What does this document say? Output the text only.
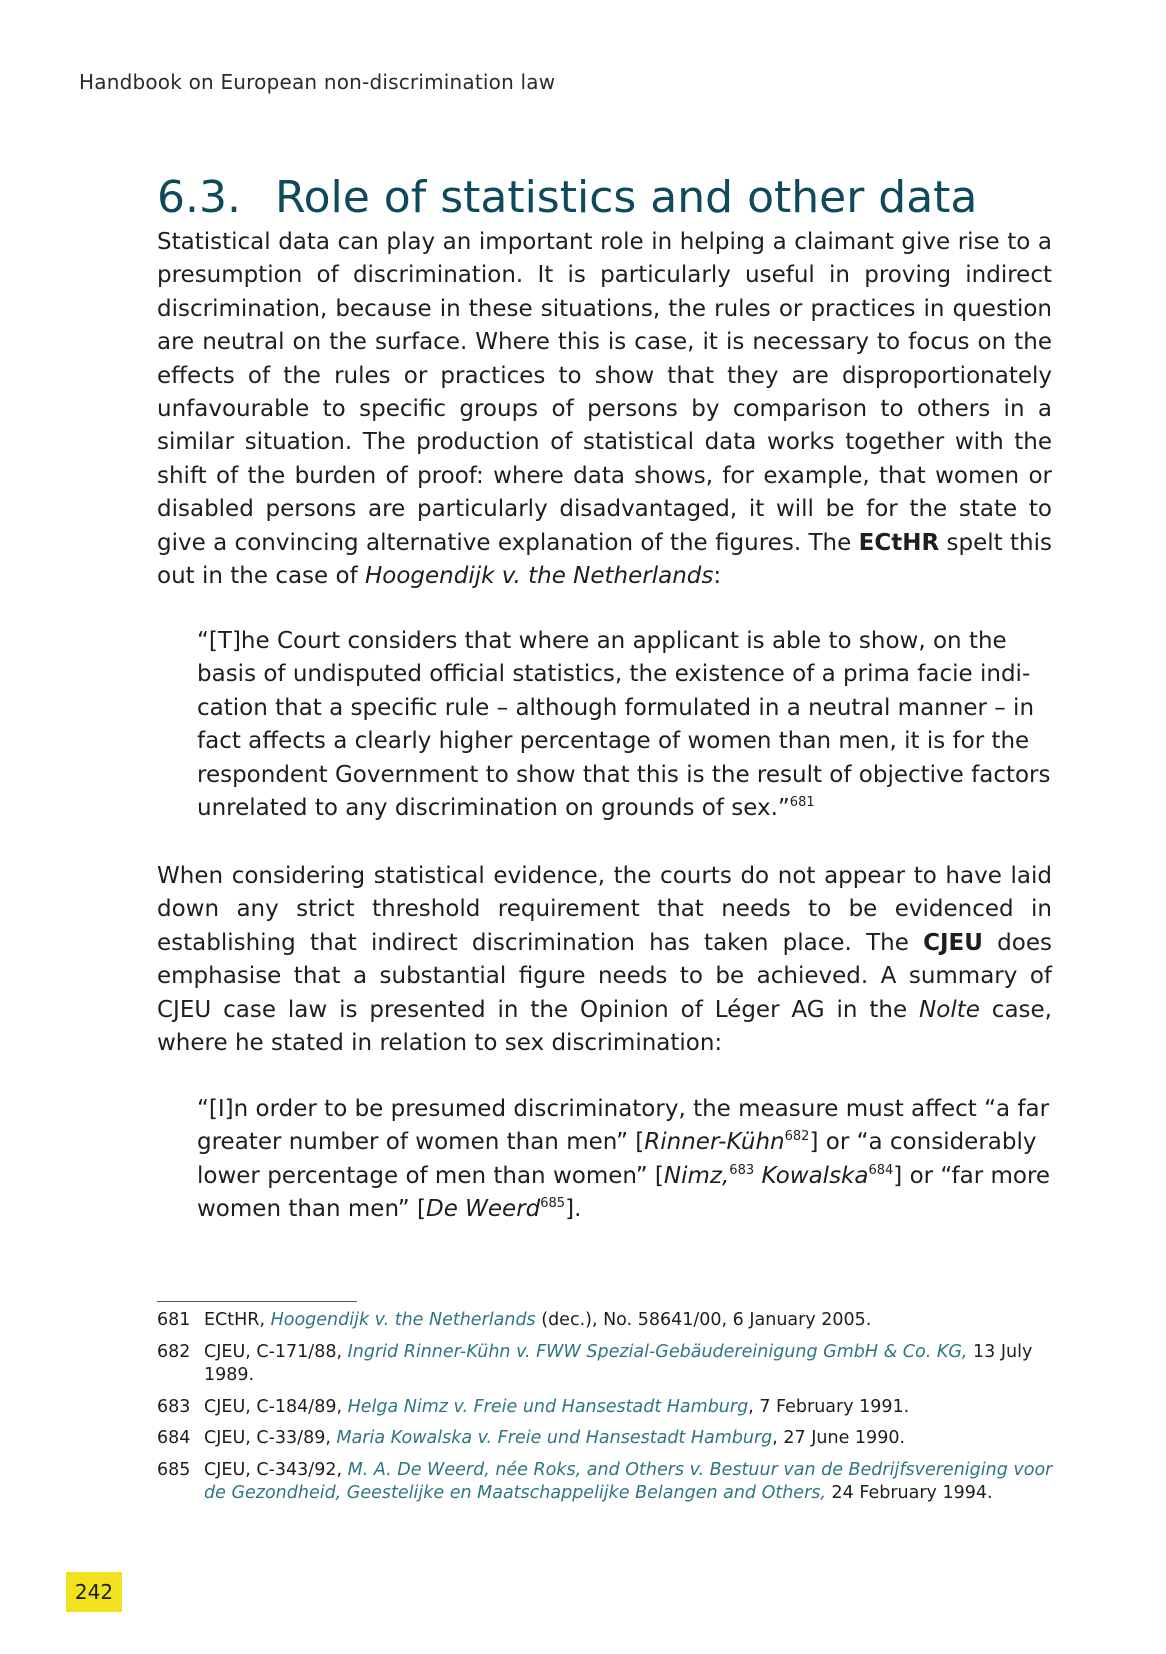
Handbook on European non-discrimination law
6.3. Role of statistics and other data

Statistical data can play an important role in helping a claimant give rise to a presumption of discrimination. It is particularly useful in proving indirect discrimination, because in these situations, the rules or practices in question are neutral on the surface. Where this is case, it is necessary to focus on the effects of the rules or practices to show that they are disproportionately unfavourable to specific groups of persons by comparison to others in a similar situation. The production of statistical data works together with the shift of the burden of proof: where data shows, for example, that women or disabled persons are particularly disadvantaged, it will be for the state to give a convincing alternative explanation of the figures. The ECtHR spelt this out in the case of Hoogendijk v. the Netherlands:

“[T]he Court considers that where an applicant is able to show, on the basis of undisputed official statistics, the existence of a prima facie indication that a specific rule – although formulated in a neutral manner – in fact affects a clearly higher percentage of women than men, it is for the respondent Government to show that this is the result of objective factors unrelated to any discrimination on grounds of sex.”$^{681}$

When considering statistical evidence, the courts do not appear to have laid down any strict threshold requirement that needs to be evidenced in establishing that indirect discrimination has taken place. The CJEU does emphasise that a substantial figure needs to be achieved. A summary of CJEU case law is presented in the Opinion of Léger AG in the Nolte case, where he stated in relation to sex discrimination:

“[I]n order to be presumed discriminatory, the measure must affect “a far greater number of women than men” [Rinner-Kühn$^{682}$] or “a considerably lower percentage of men than women” [Nimz,$^{683}$ Kowalska$^{684}$] or “far more women than men” [De Weerd$^{685}$].

681 ECtHR, Hoogendijk v. the Netherlands (dec.), No. 58641/00, 6 January 2005.
682 CJEU, C-171/88, Ingrid Rinner-Kühn v. FWW Spezial-Gebäudereinigung GmbH & Co. KG, 13 July 1989.
683 CJEU, C-184/89, Helga Nimz v. Freie und Hansestadt Hamburg, 7 February 1991.
684 CJEU, C-33/89, Maria Kowalska v. Freie und Hansestadt Hamburg, 27 June 1990.
685 CJEU, C-343/92, M. A. De Weerd, née Roks, and Others v. Bestuur van de Bedrijfsvereniging voor de Gezondheid, Geestelijke en Maatschappelijke Belangen and Others, 24 February 1994.
242
